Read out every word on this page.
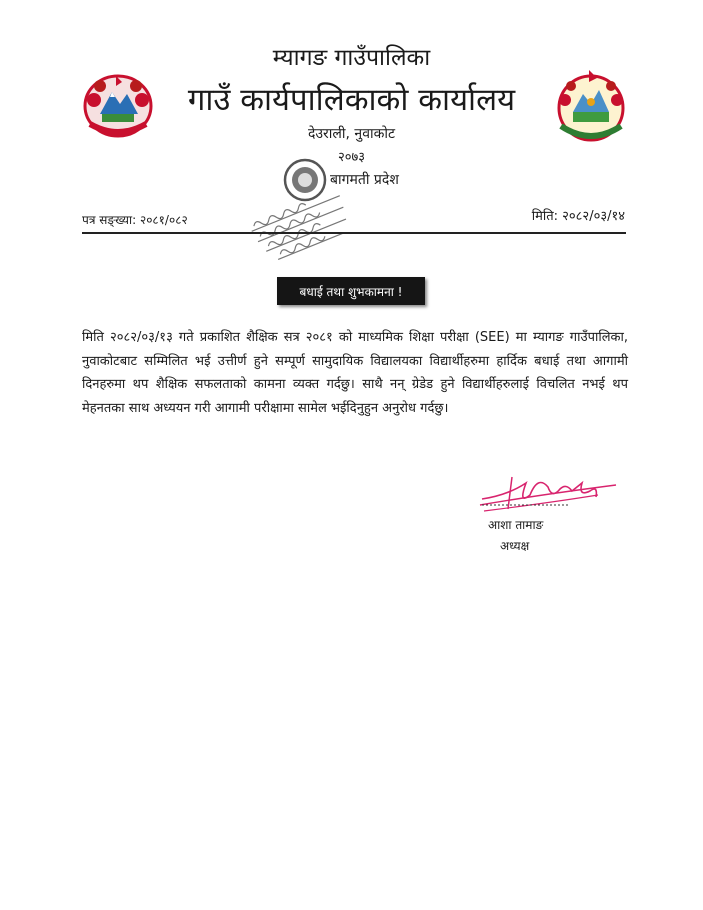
म्यागङ गाउँपालिका
गाउँ कार्यपालिकाको कार्यालय
देउराली, नुवाकोट
२०७३
बागमती प्रदेश
पत्र सङ्ख्या: २०८१/०८२	मिति: २०८२/०३/१४
बधाई तथा शुभकामना !
मिति २०८२/०३/१३ गते प्रकाशित शैक्षिक सत्र २०८१ को माध्यमिक शिक्षा परीक्षा (SEE) मा म्यागङ गाउँपालिका, नुवाकोटबाट सम्मिलित भई उत्तीर्ण हुने सम्पूर्ण सामुदायिक विद्यालयका विद्यार्थीहरुमा हार्दिक बधाई तथा आगामी दिनहरुमा थप शैक्षिक सफलताको कामना व्यक्त गर्दछु। साथै नन् ग्रेडेड हुने विद्यार्थीहरुलाई विचलित नभई थप मेहनतका साथ अध्ययन गरी आगामी परीक्षामा सामेल भईदिनुहुन अनुरोध गर्दछु।
आशा तामाङ
अध्यक्ष
